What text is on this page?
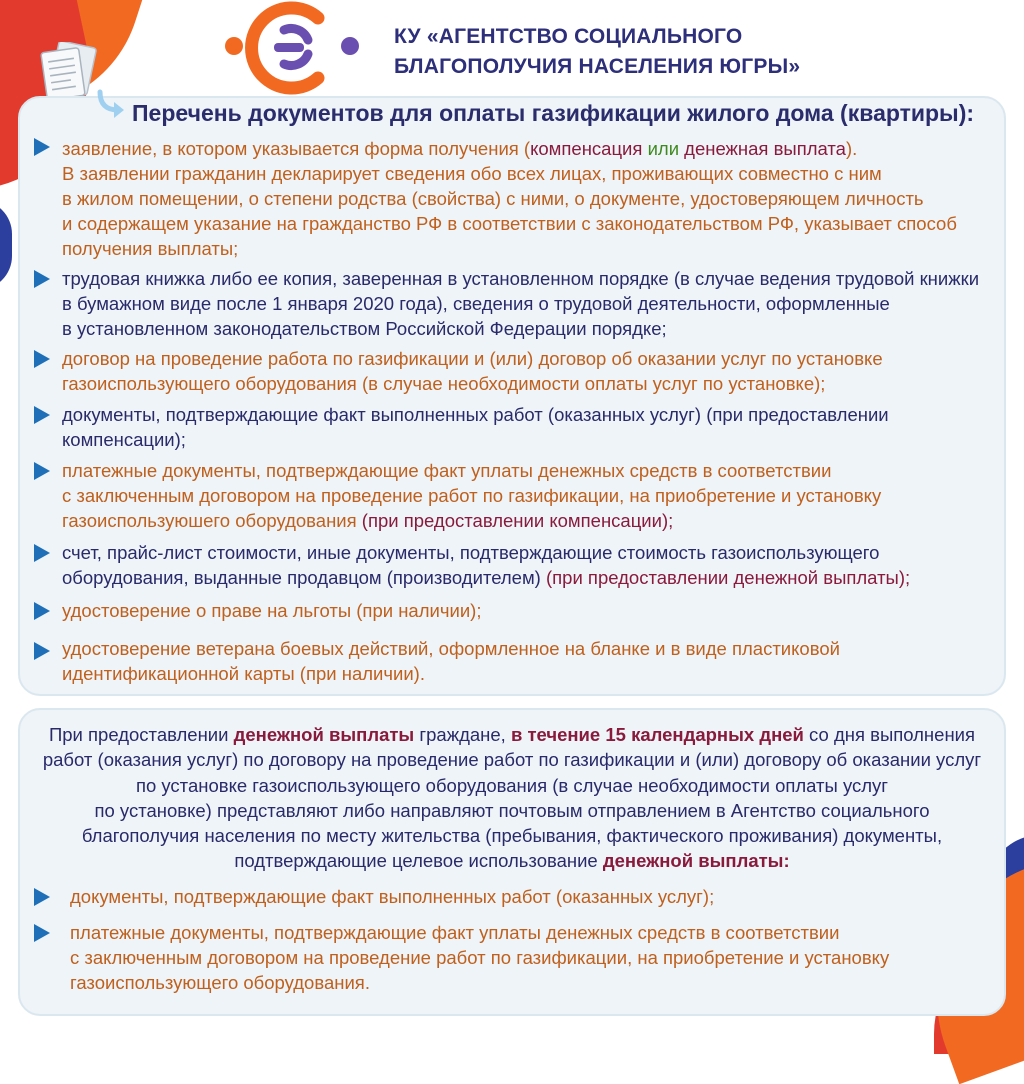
КУ «АГЕНТСТВО СОЦИАЛЬНОГО
БЛАГОПОЛУЧИЯ НАСЕЛЕНИЯ ЮГРЫ»
Перечень документов для оплаты газификации жилого дома (квартиры):
заявление, в котором указывается форма получения (компенсация или денежная выплата).
В заявлении гражданин декларирует сведения обо всех лицах, проживающих совместно с ним
в жилом помещении, о степени родства (свойства) с ними, о документе, удостоверяющем личность
и содержащем указание на гражданство РФ в соответствии с законодательством РФ, указывает способ
получения выплаты;
трудовая книжка либо ее копия, заверенная в установленном порядке (в случае ведения трудовой книжки
в бумажном виде после 1 января 2020 года), сведения о трудовой деятельности, оформленные
в установленном законодательством Российской Федерации порядке;
договор на проведение работа по газификации и (или) договор об оказании услуг по установке
газоиспользующего оборудования (в случае необходимости оплаты услуг по установке);
документы, подтверждающие факт выполненных работ (оказанных услуг) (при предоставлении
компенсации);
платежные документы, подтверждающие факт уплаты денежных средств в соответствии
с заключенным договором на проведение работ по газификации, на приобретение и установку
газоиспользуюшего оборудования (при предоставлении компенсации);
счет, прайс-лист стоимости, иные документы, подтверждающие стоимость газоиспользующего
оборудования, выданные продавцом (производителем) (при предоставлении денежной выплаты);
удостоверение о праве на льготы (при наличии);
удостоверение ветерана боевых действий, оформленное на бланке и в виде пластиковой
идентификационной карты (при наличии).

При предоставлении денежной выплаты граждане, в течение 15 календарных дней со дня выполнения
работ (оказания услуг) по договору на проведение работ по газификации и (или) договору об оказании услуг
по установке газоиспользующего оборудования (в случае необходимости оплаты услуг
по установке) представляют либо направляют почтовым отправлением в Агентство социального
благополучия населения по месту жительства (пребывания, фактического проживания) документы,
подтверждающие целевое использование денежной выплаты:

документы, подтверждающие факт выполненных работ (оказанных услуг);
платежные документы, подтверждающие факт уплаты денежных средств в соответствии
с заключенным договором на проведение работ по газификации, на приобретение и установку
газоиспользующего оборудования.
